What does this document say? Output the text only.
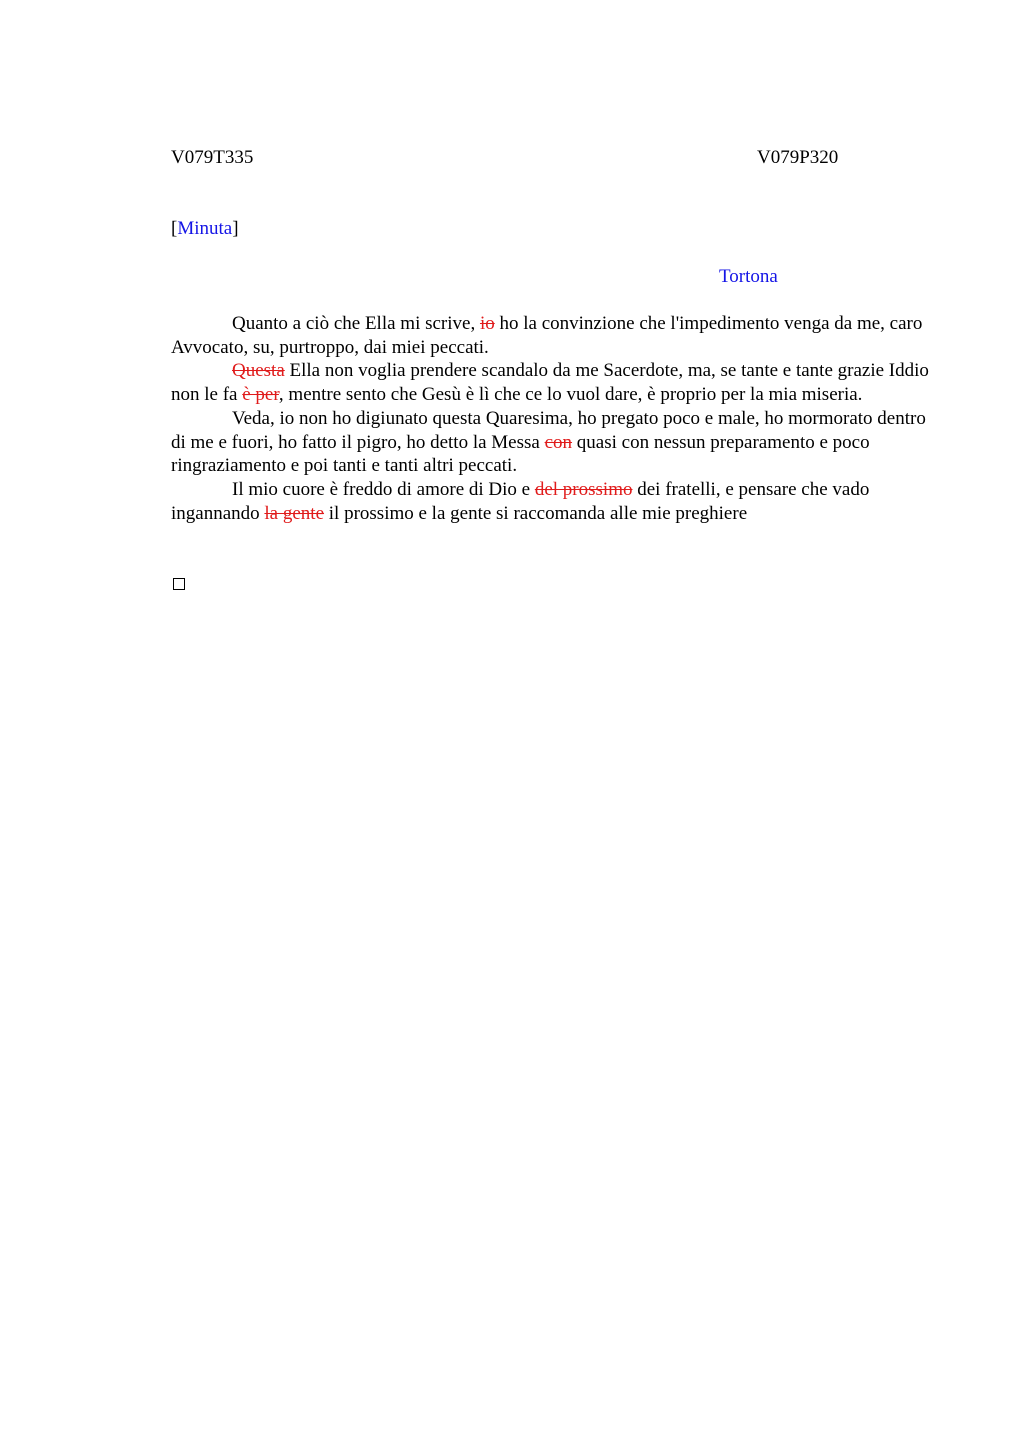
V079T335	V079P320
[Minuta]
Tortona

Quanto a ciò che Ella mi scrive, io ho la convinzione che l'impedimento venga da me, caro Avvocato, su, purtroppo, dai miei peccati.

Questa Ella non voglia prendere scandalo da me Sacerdote, ma, se tante e tante grazie Iddio non le fa è per, mentre sento che Gesù è lì che ce lo vuol dare, è proprio per la mia miseria.

Veda, io non ho digiunato questa Quaresima, ho pregato poco e male, ho mormorato dentro di me e fuori, ho fatto il pigro, ho detto la Messa con quasi con nessun preparamento e poco ringraziamento e poi tanti e tanti altri peccati.

Il mio cuore è freddo di amore di Dio e del prossimo dei fratelli, e pensare che vado ingannando la gente il prossimo e la gente si raccomanda alle mie preghiere
